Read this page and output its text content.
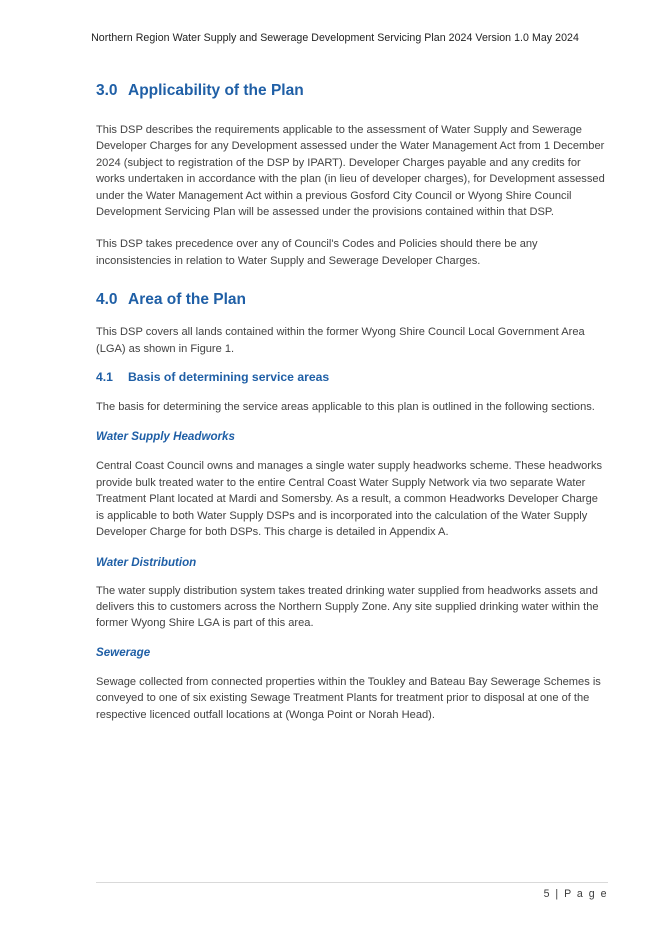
Northern Region Water Supply and Sewerage Development Servicing Plan 2024 Version 1.0 May 2024
3.0 Applicability of the Plan

This DSP describes the requirements applicable to the assessment of Water Supply and Sewerage Developer Charges for any Development assessed under the Water Management Act from 1 December 2024 (subject to registration of the DSP by IPART). Developer Charges payable and any credits for works undertaken in accordance with the plan (in lieu of developer charges), for Development assessed under the Water Management Act within a previous Gosford City Council or Wyong Shire Council Development Servicing Plan will be assessed under the provisions contained within that DSP.

This DSP takes precedence over any of Council's Codes and Policies should there be any inconsistencies in relation to Water Supply and Sewerage Developer Charges.

4.0 Area of the Plan

This DSP covers all lands contained within the former Wyong Shire Council Local Government Area (LGA) as shown in Figure 1.

4.1 Basis of determining service areas

The basis for determining the service areas applicable to this plan is outlined in the following sections.

Water Supply Headworks

Central Coast Council owns and manages a single water supply headworks scheme. These headworks provide bulk treated water to the entire Central Coast Water Supply Network via two separate Water Treatment Plant located at Mardi and Somersby. As a result, a common Headworks Developer Charge is applicable to both Water Supply DSPs and is incorporated into the calculation of the Water Supply Developer Charge for both DSPs. This charge is detailed in Appendix A.

Water Distribution

The water supply distribution system takes treated drinking water supplied from headworks assets and delivers this to customers across the Northern Supply Zone. Any site supplied drinking water within the former Wyong Shire LGA is part of this area.

Sewerage

Sewage collected from connected properties within the Toukley and Bateau Bay Sewerage Schemes is conveyed to one of six existing Sewage Treatment Plants for treatment prior to disposal at one of the respective licenced outfall locations at (Wonga Point or Norah Head).

5 | P a g e
